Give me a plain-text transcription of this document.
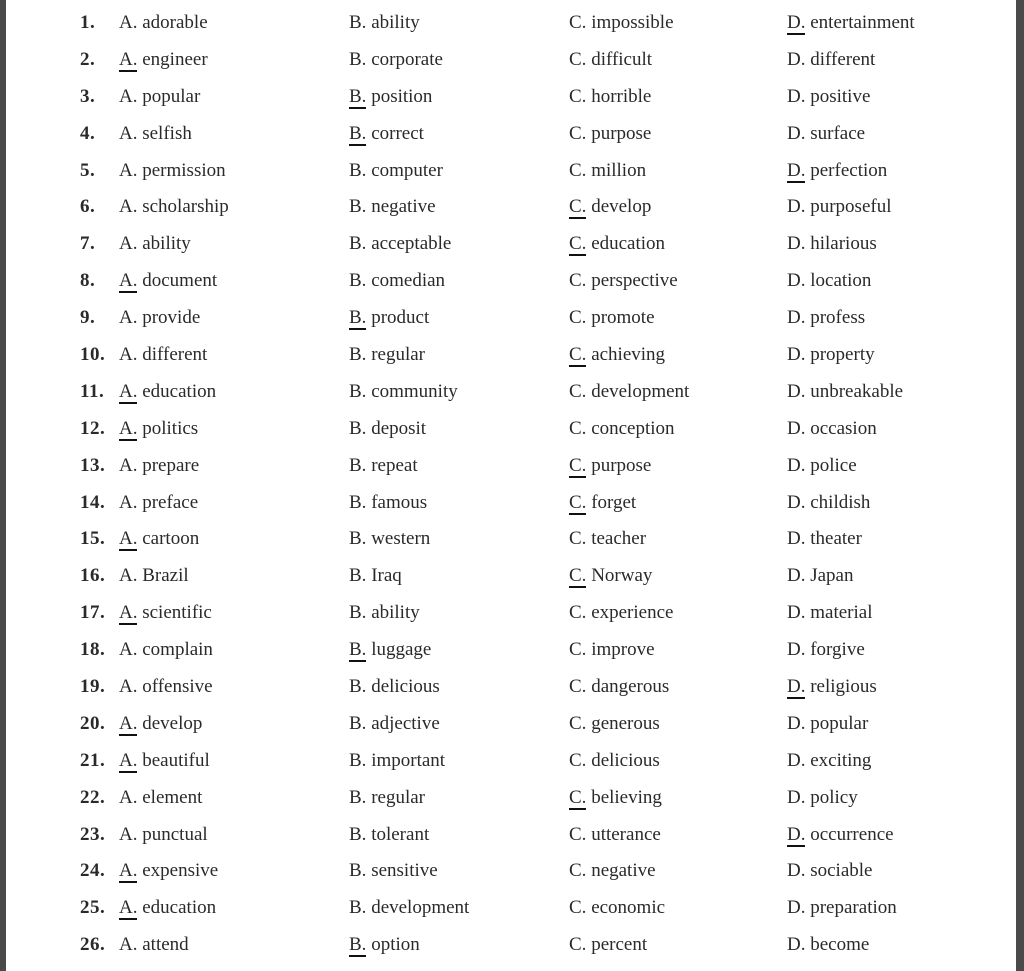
1. A. adorable	B. ability	C. impossible	D. entertainment
2. A. engineer	B. corporate	C. difficult	D. different
3. A. popular	B. position	C. horrible	D. positive
4. A. selfish	B. correct	C. purpose	D. surface
5. A. permission	B. computer	C. million	D. perfection
6. A. scholarship	B. negative	C. develop	D. purposeful
7. A. ability	B. acceptable	C. education	D. hilarious
8. A. document	B. comedian	C. perspective	D. location
9. A. provide	B. product	C. promote	D. profess
10. A. different	B. regular	C. achieving	D. property
11. A. education	B. community	C. development	D. unbreakable
12. A. politics	B. deposit	C. conception	D. occasion
13. A. prepare	B. repeat	C. purpose	D. police
14. A. preface	B. famous	C. forget	D. childish
15. A. cartoon	B. western	C. teacher	D. theater
16. A. Brazil	B. Iraq	C. Norway	D. Japan
17. A. scientific	B. ability	C. experience	D. material
18. A. complain	B. luggage	C. improve	D. forgive
19. A. offensive	B. delicious	C. dangerous	D. religious
20. A. develop	B. adjective	C. generous	D. popular
21. A. beautiful	B. important	C. delicious	D. exciting
22. A. element	B. regular	C. believing	D. policy
23. A. punctual	B. tolerant	C. utterance	D. occurrence
24. A. expensive	B. sensitive	C. negative	D. sociable
25. A. education	B. development	C. economic	D. preparation
26. A. attend	B. option	C. percent	D. become
